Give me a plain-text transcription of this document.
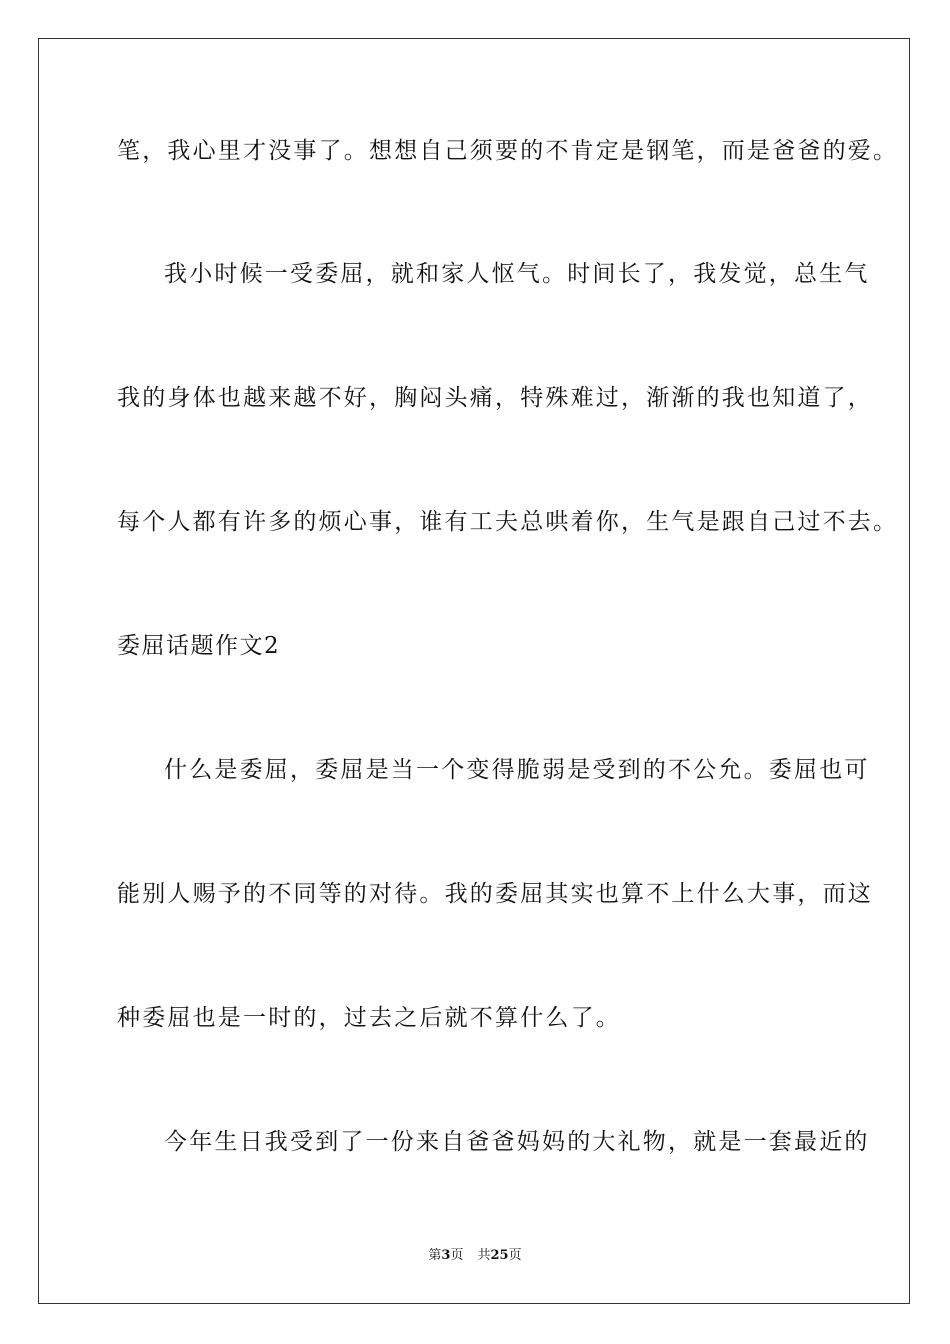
笔，我心里才没事了。想想自己须要的不肯定是钢笔，而是爸爸的爱。
我小时候一受委屈，就和家人怄气。时间长了，我发觉，总生气
我的身体也越来越不好，胸闷头痛，特殊难过，渐渐的我也知道了，
每个人都有许多的烦心事，谁有工夫总哄着你，生气是跟自己过不去。
委屈话题作文2
什么是委屈，委屈是当一个变得脆弱是受到的不公允。委屈也可
能别人赐予的不同等的对待。我的委屈其实也算不上什么大事，而这
种委屈也是一时的，过去之后就不算什么了。
今年生日我受到了一份来自爸爸妈妈的大礼物，就是一套最近的
第3页 共25页
